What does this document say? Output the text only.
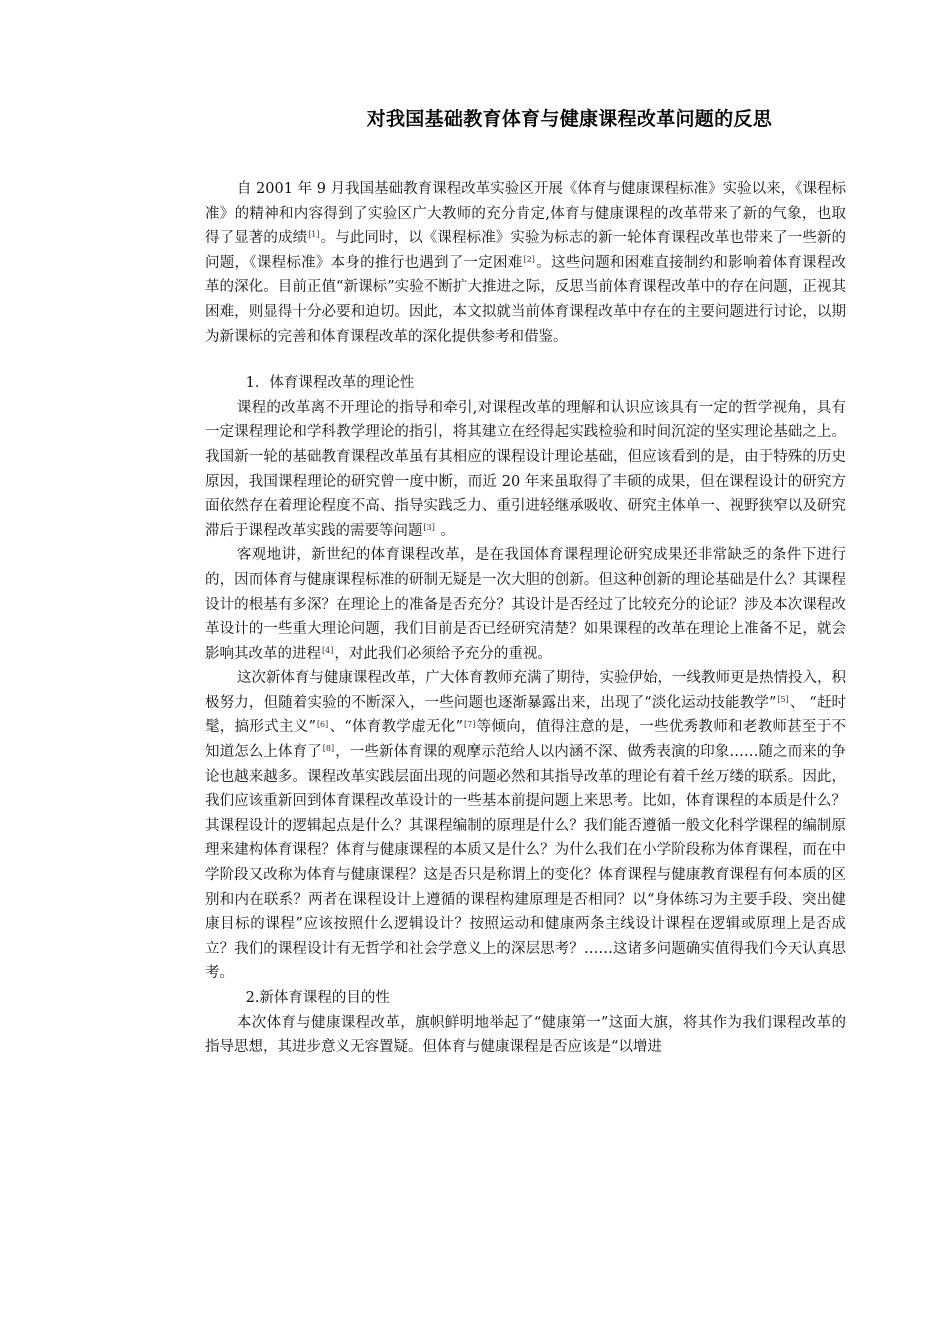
对我国基础教育体育与健康课程改革问题的反思

自 2001 年 9 月我国基础教育课程改革实验区开展《体育与健康课程标准》实验以来，《课程标准》的精神和内容得到了实验区广大教师的充分肯定,体育与健康课程的改革带来了新的气象，也取得了显著的成绩[1]。与此同时，以《课程标准》实验为标志的新一轮体育课程改革也带来了一些新的问题，《课程标准》本身的推行也遇到了一定困难[2]。这些问题和困难直接制约和影响着体育课程改革的深化。目前正值“新课标”实验不断扩大推进之际，反思当前体育课程改革中的存在问题，正视其困难，则显得十分必要和迫切。因此，本文拟就当前体育课程改革中存在的主要问题进行讨论，以期为新课标的完善和体育课程改革的深化提供参考和借鉴。

1．体育课程改革的理论性

课程的改革离不开理论的指导和牵引,对课程改革的理解和认识应该具有一定的哲学视角，具有一定课程理论和学科教学理论的指引，将其建立在经得起实践检验和时间沉淀的坚实理论基础之上。我国新一轮的基础教育课程改革虽有其相应的课程设计理论基础，但应该看到的是，由于特殊的历史原因，我国课程理论的研究曾一度中断，而近 20 年来虽取得了丰硕的成果，但在课程设计的研究方面依然存在着理论程度不高、指导实践乏力、重引进轻继承吸收、研究主体单一、视野狭窄以及研究滞后于课程改革实践的需要等问题[3] 。

客观地讲，新世纪的体育课程改革，是在我国体育课程理论研究成果还非常缺乏的条件下进行的，因而体育与健康课程标准的研制无疑是一次大胆的创新。但这种创新的理论基础是什么？其课程设计的根基有多深？在理论上的准备是否充分？其设计是否经过了比较充分的论证？涉及本次课程改革设计的一些重大理论问题，我们目前是否已经研究清楚？如果课程的改革在理论上准备不足，就会影响其改革的进程[4]，对此我们必须给予充分的重视。

这次新体育与健康课程改革，广大体育教师充满了期待，实验伊始，一线教师更是热情投入，积极努力，但随着实验的不断深入，一些问题也逐渐暴露出来，出现了“淡化运动技能教学”[5]、 “赶时髦，搞形式主义”[6]、“体育教学虚无化”[7]等倾向，值得注意的是，一些优秀教师和老教师甚至于不知道怎么上体育了[8]，一些新体育课的观摩示范给人以内涵不深、做秀表演的印象……随之而来的争论也越来越多。课程改革实践层面出现的问题必然和其指导改革的理论有着千丝万缕的联系。因此，我们应该重新回到体育课程改革设计的一些基本前提问题上来思考。比如，体育课程的本质是什么？其课程设计的逻辑起点是什么？其课程编制的原理是什么？我们能否遵循一般文化科学课程的编制原理来建构体育课程？体育与健康课程的本质又是什么？为什么我们在小学阶段称为体育课程，而在中学阶段又改称为体育与健康课程？这是否只是称谓上的变化？体育课程与健康教育课程有何本质的区别和内在联系？两者在课程设计上遵循的课程构建原理是否相同？以“身体练习为主要手段、突出健康目标的课程”应该按照什么逻辑设计？按照运动和健康两条主线设计课程在逻辑或原理上是否成立？我们的课程设计有无哲学和社会学意义上的深层思考？……这诸多问题确实值得我们今天认真思考。

2.新体育课程的目的性

本次体育与健康课程改革，旗帜鲜明地举起了“健康第一”这面大旗，将其作为我们课程改革的指导思想，其进步意义无容置疑。但体育与健康课程是否应该是“以增进
